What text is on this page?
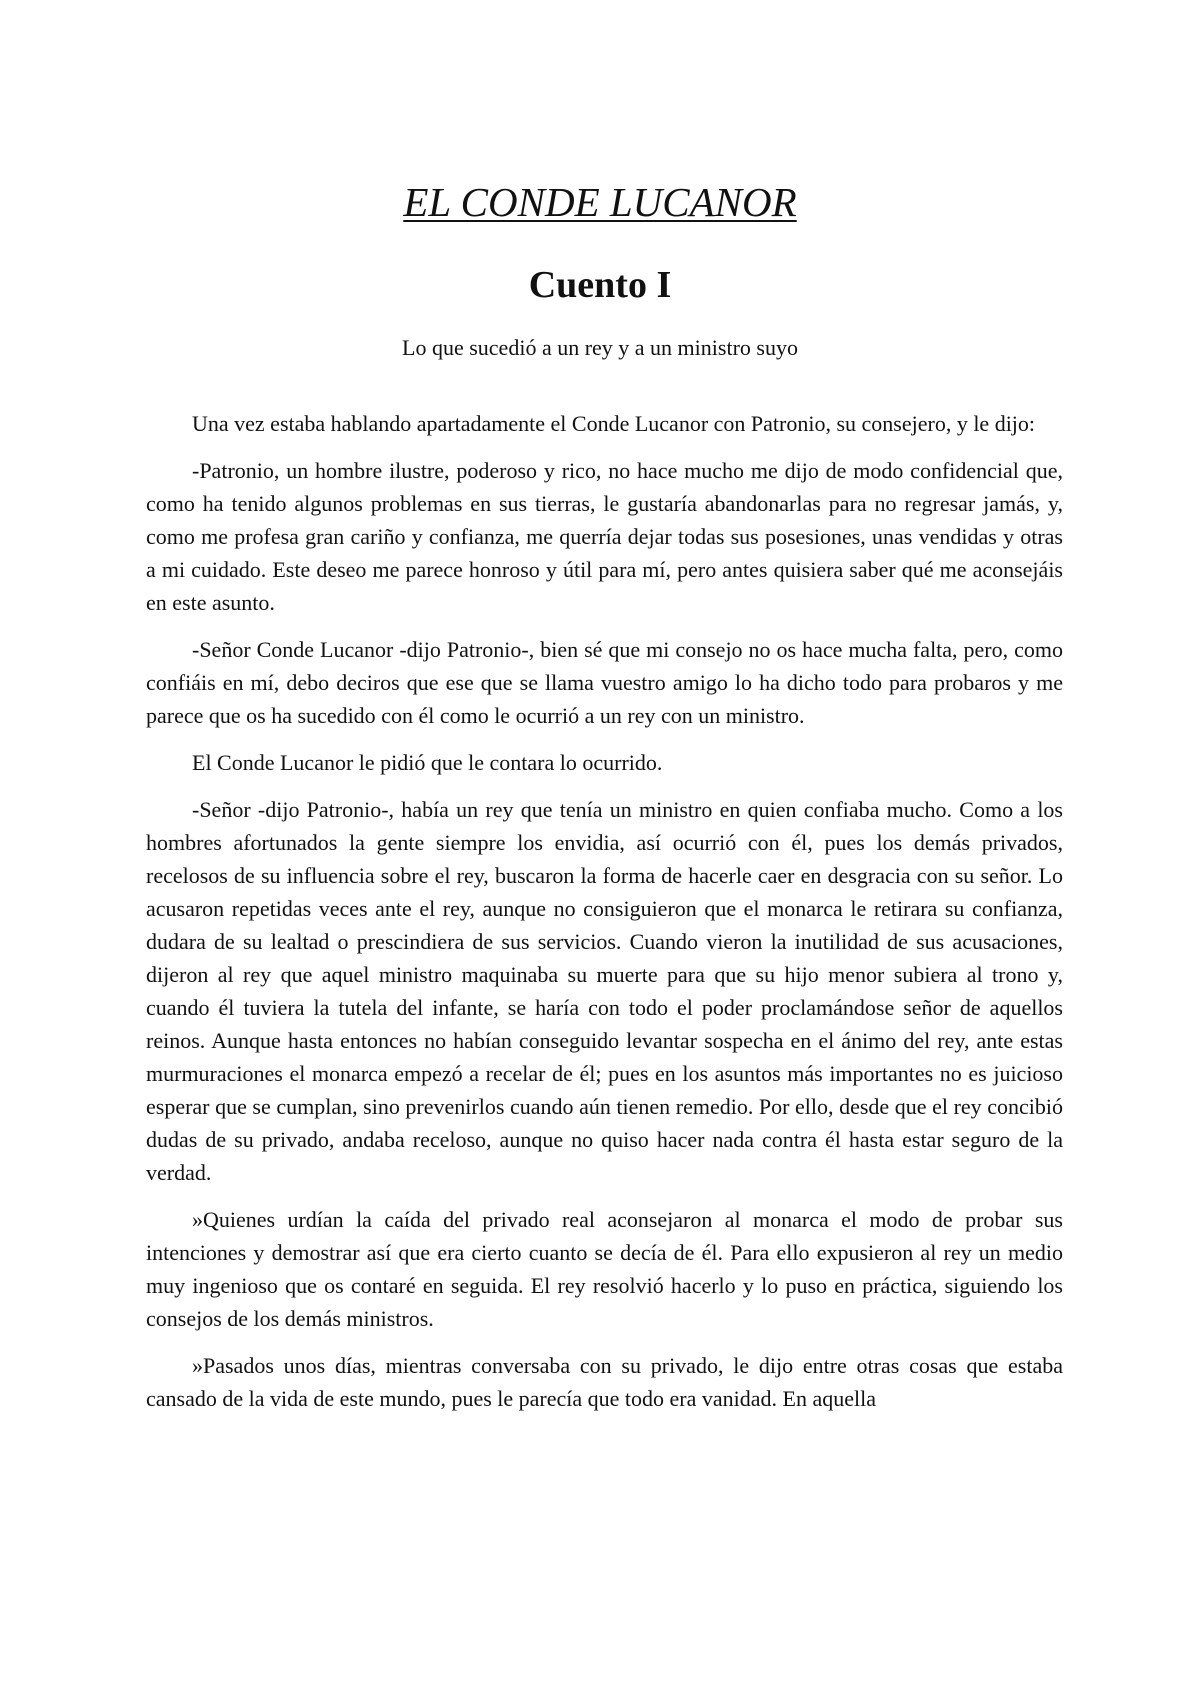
EL CONDE LUCANOR
Cuento I

Lo que sucedió a un rey y a un ministro suyo

Una vez estaba hablando apartadamente el Conde Lucanor con Patronio, su consejero, y le dijo:

-Patronio, un hombre ilustre, poderoso y rico, no hace mucho me dijo de modo confidencial que, como ha tenido algunos problemas en sus tierras, le gustaría abandonarlas para no regresar jamás, y, como me profesa gran cariño y confianza, me querría dejar todas sus posesiones, unas vendidas y otras a mi cuidado. Este deseo me parece honroso y útil para mí, pero antes quisiera saber qué me aconsejáis en este asunto.

-Señor Conde Lucanor -dijo Patronio-, bien sé que mi consejo no os hace mucha falta, pero, como confiáis en mí, debo deciros que ese que se llama vuestro amigo lo ha dicho todo para probaros y me parece que os ha sucedido con él como le ocurrió a un rey con un ministro.

El Conde Lucanor le pidió que le contara lo ocurrido.

-Señor -dijo Patronio-, había un rey que tenía un ministro en quien confiaba mucho. Como a los hombres afortunados la gente siempre los envidia, así ocurrió con él, pues los demás privados, recelosos de su influencia sobre el rey, buscaron la forma de hacerle caer en desgracia con su señor. Lo acusaron repetidas veces ante el rey, aunque no consiguieron que el monarca le retirara su confianza, dudara de su lealtad o prescindiera de sus servicios. Cuando vieron la inutilidad de sus acusaciones, dijeron al rey que aquel ministro maquinaba su muerte para que su hijo menor subiera al trono y, cuando él tuviera la tutela del infante, se haría con todo el poder proclamándose señor de aquellos reinos. Aunque hasta entonces no habían conseguido levantar sospecha en el ánimo del rey, ante estas murmuraciones el monarca empezó a recelar de él; pues en los asuntos más importantes no es juicioso esperar que se cumplan, sino prevenirlos cuando aún tienen remedio. Por ello, desde que el rey concibió dudas de su privado, andaba receloso, aunque no quiso hacer nada contra él hasta estar seguro de la verdad.

»Quienes urdían la caída del privado real aconsejaron al monarca el modo de probar sus intenciones y demostrar así que era cierto cuanto se decía de él. Para ello expusieron al rey un medio muy ingenioso que os contaré en seguida. El rey resolvió hacerlo y lo puso en práctica, siguiendo los consejos de los demás ministros.

»Pasados unos días, mientras conversaba con su privado, le dijo entre otras cosas que estaba cansado de la vida de este mundo, pues le parecía que todo era vanidad. En aquella
